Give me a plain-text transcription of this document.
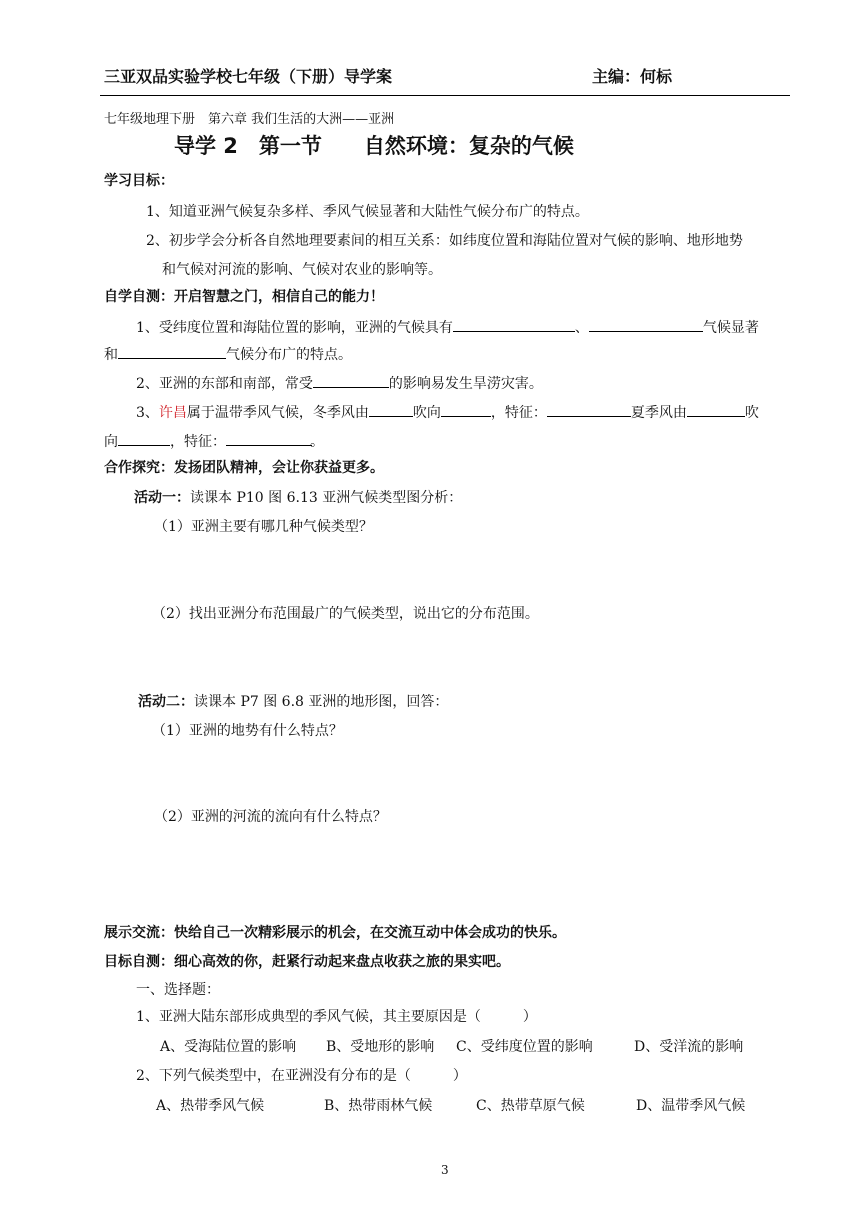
三亚双品实验学校七年级（下册）导学案	主编：何标
七年级地理下册　第六章 我们生活的大洲——亚洲
导学 2　第一节　　自然环境：复杂的气候
学习目标：
1、知道亚洲气候复杂多样、季风气候显著和大陆性气候分布广的特点。
2、初步学会分析各自然地理要素间的相互关系：如纬度位置和海陆位置对气候的影响、地形地势
和气候对河流的影响、气候对农业的影响等。
自学自测：开启智慧之门，相信自己的能力！
1、受纬度位置和海陆位置的影响，亚洲的气候具有	、	气候显著
和	气候分布广的特点。
2、亚洲的东部和南部，常受	的影响易发生旱涝灾害。
3、许昌属于温带季风气候，冬季风由	吹向	，特征：	夏季风由	吹
向	，特征：	。
合作探究：发扬团队精神，会让你获益更多。
活动一：读课本 P10 图 6.13 亚洲气候类型图分析：
（1）亚洲主要有哪几种气候类型？
（2）找出亚洲分布范围最广的气候类型，说出它的分布范围。
活动二：读课本 P7 图 6.8 亚洲的地形图，回答：
（1）亚洲的地势有什么特点？
（2）亚洲的河流的流向有什么特点？
展示交流：快给自己一次精彩展示的机会，在交流互动中体会成功的快乐。
目标自测：细心高效的你，赶紧行动起来盘点收获之旅的果实吧。
一、选择题：
1、亚洲大陆东部形成典型的季风气候，其主要原因是（　　　）
A、受海陆位置的影响 B、受地形的影响 C、受纬度位置的影响	D、受洋流的影响
2、下列气候类型中，在亚洲没有分布的是（　　　）
A、热带季风气候	B、热带雨林气候	C、热带草原气候	D、温带季风气候
3
